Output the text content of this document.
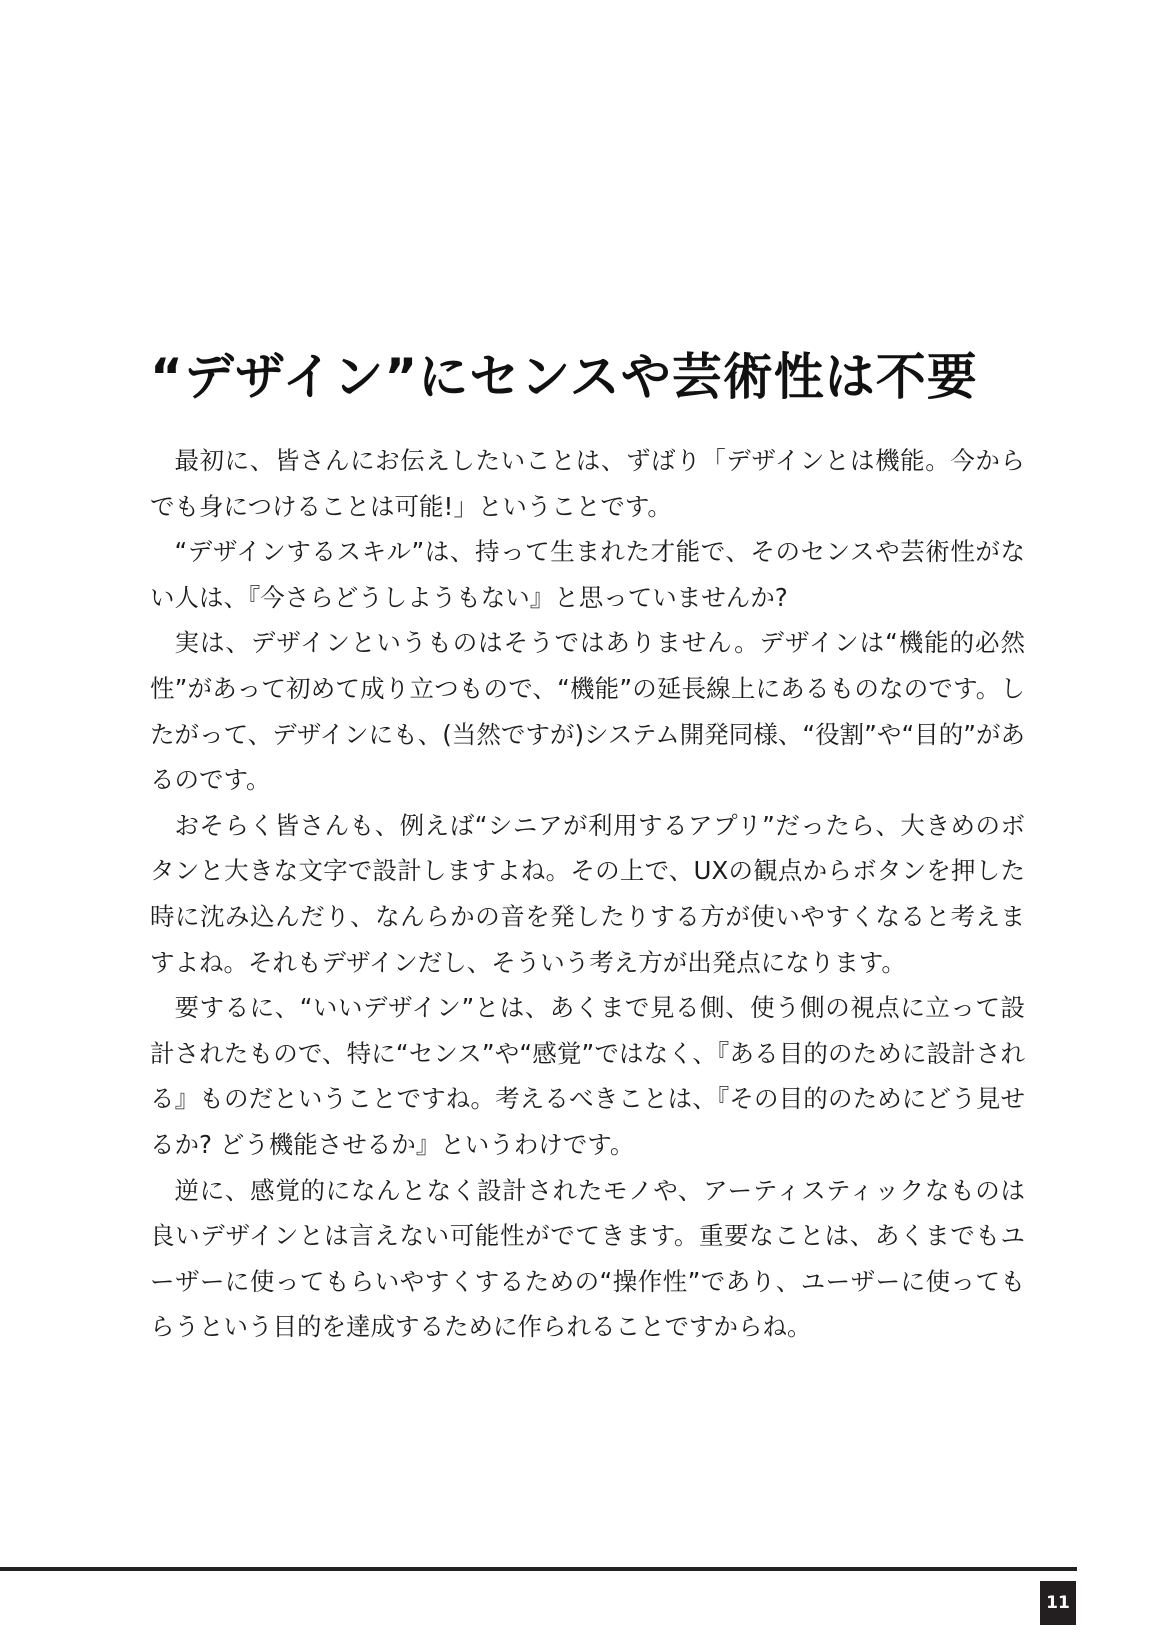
“デザイン”にセンスや芸術性は不要

最初に、皆さんにお伝えしたいことは、ずばり「デザインとは機能。今からでも身につけることは可能!」ということです。

“デザインするスキル”は、持って生まれた才能で、そのセンスや芸術性がない人は、『今さらどうしようもない』と思っていませんか?

実は、デザインというものはそうではありません。デザインは“機能的必然性”があって初めて成り立つもので、“機能”の延長線上にあるものなのです。したがって、デザインにも、(当然ですが)システム開発同様、“役割”や“目的”があるのです。

おそらく皆さんも、例えば“シニアが利用するアプリ”だったら、大きめのボタンと大きな文字で設計しますよね。その上で、UXの観点からボタンを押した時に沈み込んだり、なんらかの音を発したりする方が使いやすくなると考えますよね。それもデザインだし、そういう考え方が出発点になります。

要するに、“いいデザイン”とは、あくまで見る側、使う側の視点に立って設計されたもので、特に“センス”や“感覚”ではなく、『ある目的のために設計される』ものだということですね。考えるべきことは、『その目的のためにどう見せるか? どう機能させるか』というわけです。

逆に、感覚的になんとなく設計されたモノや、アーティスティックなものは良いデザインとは言えない可能性がでてきます。重要なことは、あくまでもユーザーに使ってもらいやすくするための“操作性”であり、ユーザーに使ってもらうという目的を達成するために作られることですからね。

11
